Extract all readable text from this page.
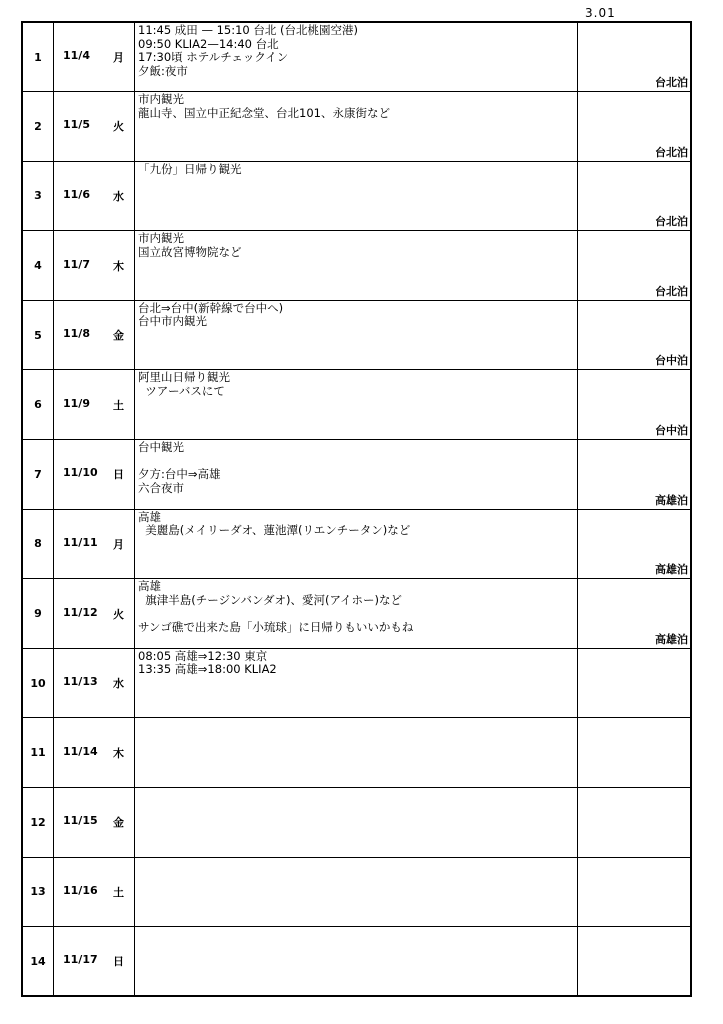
3.01
1	11/4 月	11:45 成田 — 15:10 台北 (台北桃園空港)
09:50 KLIA2—14:40 台北
17:30頃 ホテルチェックイン
夕飯:夜市	台北泊
2	11/5 火	市内観光
龍山寺、国立中正紀念堂、台北101、永康街など	台北泊
3	11/6 水	「九份」日帰り観光	台北泊
4	11/7 木	市内観光
国立故宮博物院など	台北泊
5	11/8 金	台北⇒台中(新幹線で台中へ)
台中市内観光	台中泊
6	11/9 土	阿里山日帰り観光
ツアーバスにて	台中泊
7	11/10 日	台中観光

夕方:台中⇒高雄
六合夜市	高雄泊
8	11/11 月	高雄
美麗島(メイリーダオ、蓮池潭(リエンチータン)など	高雄泊
9	11/12 火	高雄
旗津半島(チージンバンダオ)、愛河(アイホー)など

サンゴ礁で出来た島「小琉球」に日帰りもいいかもね	高雄泊
10	11/13 水	08:05 高雄⇒12:30 東京
13:35 高雄⇒18:00 KLIA2	
11	11/14 木		

12	11/15 金		

13	11/16 土		

14	11/17 日		
